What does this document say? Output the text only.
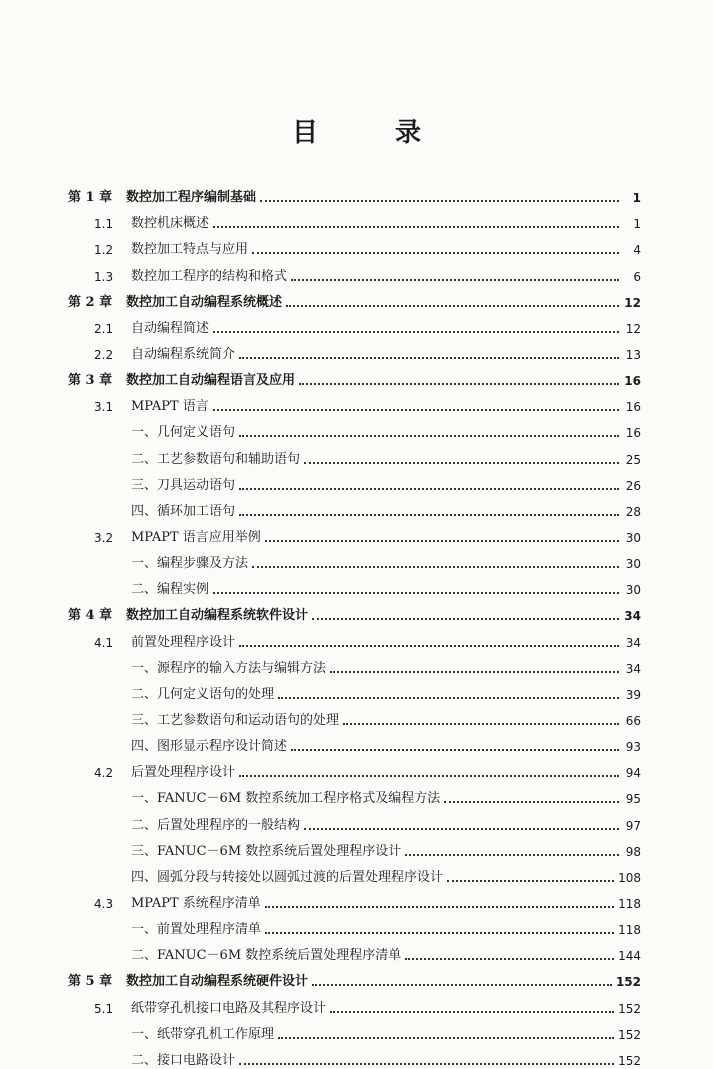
目 录
第 1 章	数控加工程序编制基础	1
1.1	数控机床概述	1
1.2	数控加工特点与应用	4
1.3	数控加工程序的结构和格式	6
第 2 章	数控加工自动编程系统概述	12
2.1	自动编程简述	12
2.2	自动编程系统简介	13
第 3 章	数控加工自动编程语言及应用	16
3.1	MPAPT 语言	16
一、几何定义语句	16
二、工艺参数语句和辅助语句	25
三、刀具运动语句	26
四、循环加工语句	28
3.2	MPAPT 语言应用举例	30
一、编程步骤及方法	30
二、编程实例	30
第 4 章	数控加工自动编程系统软件设计	34
4.1	前置处理程序设计	34
一、源程序的输入方法与编辑方法	34
二、几何定义语句的处理	39
三、工艺参数语句和运动语句的处理	66
四、图形显示程序设计简述	93
4.2	后置处理程序设计	94
一、FANUC－6M 数控系统加工程序格式及编程方法	95
二、后置处理程序的一般结构	97
三、FANUC－6M 数控系统后置处理程序设计	98
四、圆弧分段与转接处以圆弧过渡的后置处理程序设计	108
4.3	MPAPT 系统程序清单	118
一、前置处理程序清单	118
二、FANUC－6M 数控系统后置处理程序清单	144
第 5 章	数控加工自动编程系统硬件设计	152
5.1	纸带穿孔机接口电路及其程序设计	152
一、纸带穿孔机工作原理	152
二、接口电路设计	152
